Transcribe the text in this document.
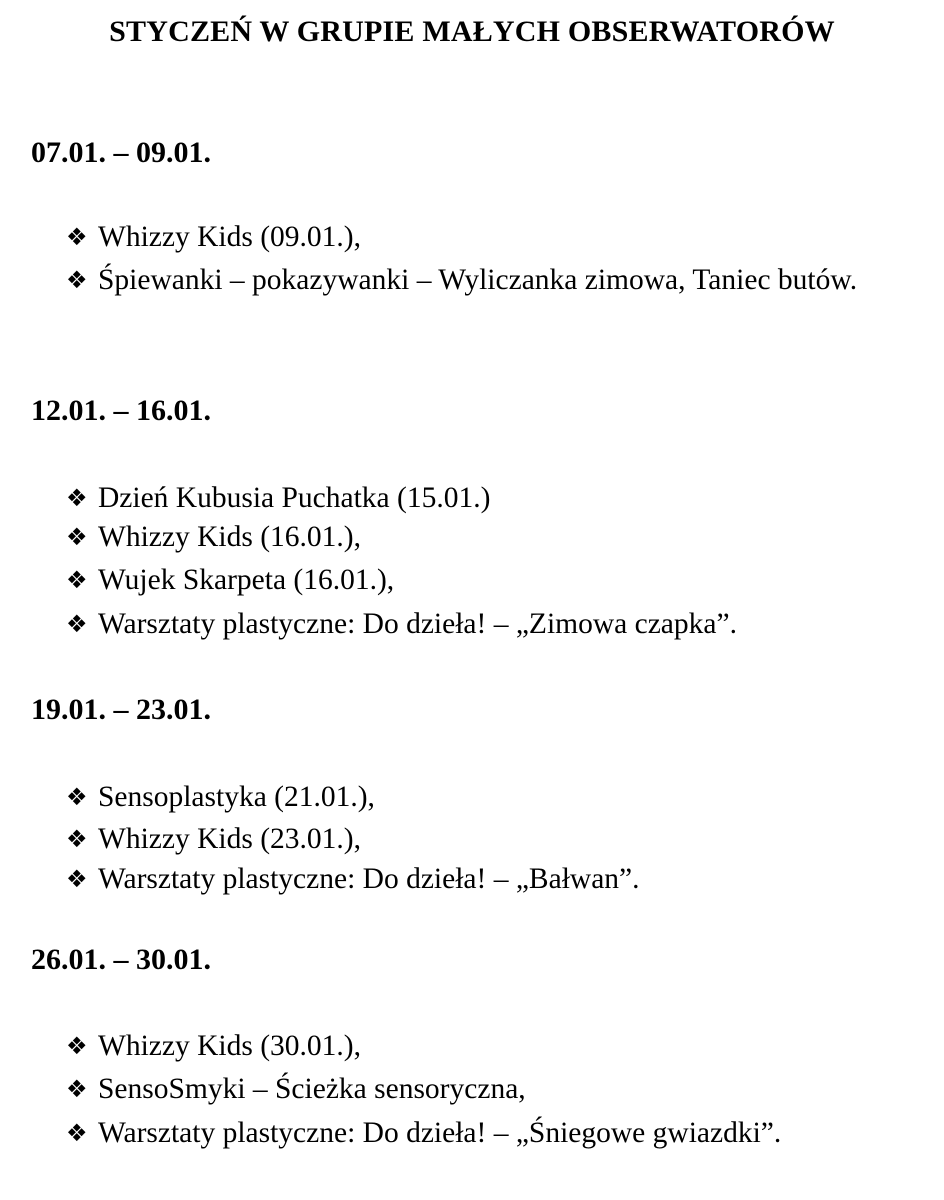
STYCZEŃ W GRUPIE MAŁYCH OBSERWATORÓW
07.01. – 09.01.
❖ Whizzy Kids (09.01.),
❖ Śpiewanki – pokazywanki – Wyliczanka zimowa, Taniec butów.
12.01. – 16.01.
❖ Dzień Kubusia Puchatka (15.01.)
❖ Whizzy Kids (16.01.),
❖ Wujek Skarpeta (16.01.),
❖ Warsztaty plastyczne: Do dzieła! – „Zimowa czapka”.
19.01. – 23.01.
❖ Sensoplastyka (21.01.),
❖ Whizzy Kids (23.01.),
❖ Warsztaty plastyczne: Do dzieła! – „Bałwan”.
26.01. – 30.01.
❖ Whizzy Kids (30.01.),
❖ SensoSmyki – Ścieżka sensoryczna,
❖ Warsztaty plastyczne: Do dzieła! – „Śniegowe gwiazdki”.
